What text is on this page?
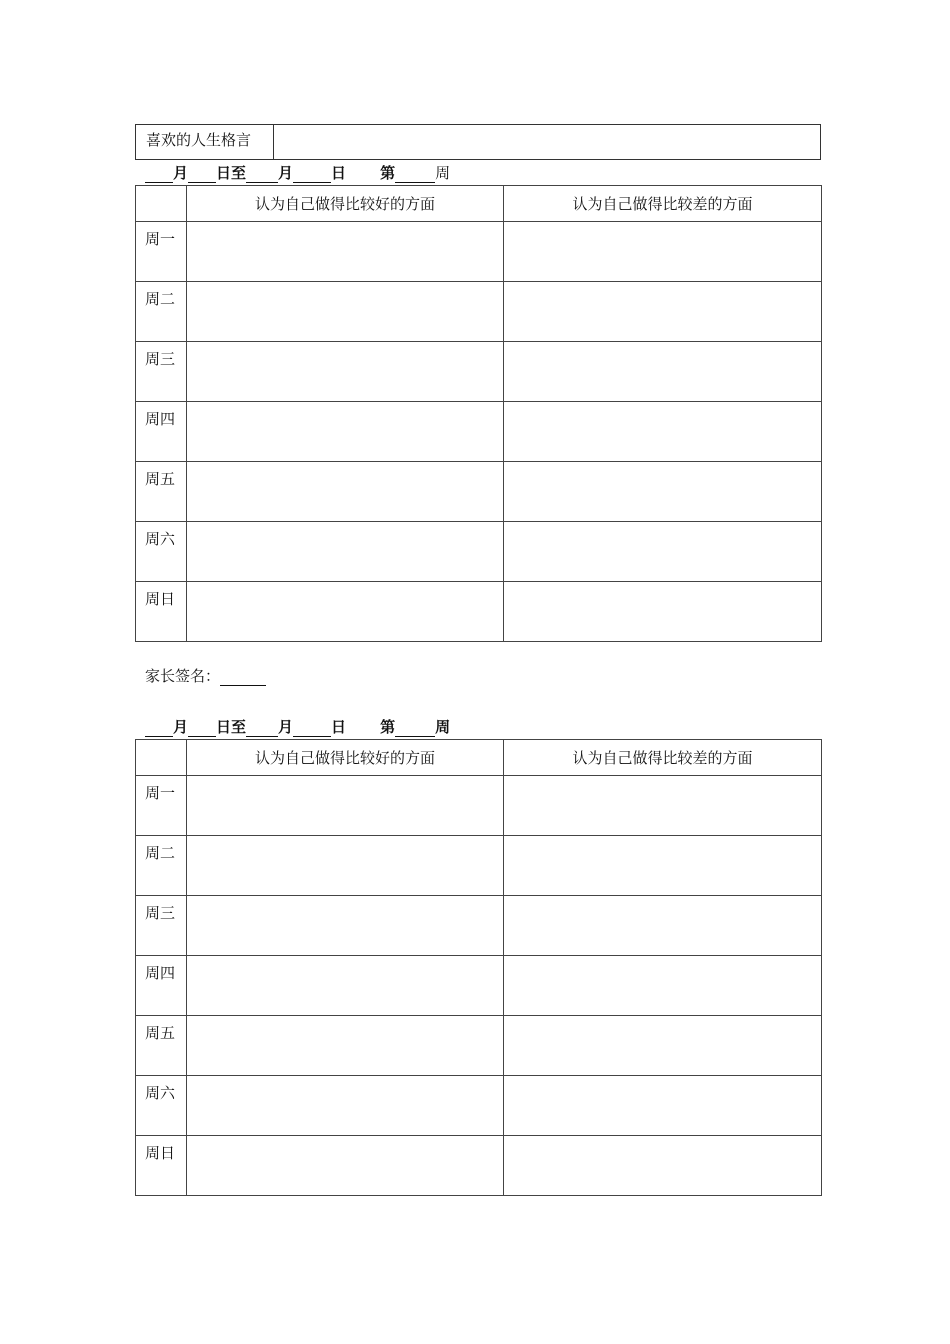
喜欢的人生格言
月 日至 月	日 第	周
	认为自己做得比较好的方面	认为自己做得比较差的方面
周一		
周二		
周三		
周四		
周五		
周六		
周日		
家长签名：
月 日至 月	日 第	周
	认为自己做得比较好的方面	认为自己做得比较差的方面
周一		
周二		
周三		
周四		
周五		
周六		
周日		
